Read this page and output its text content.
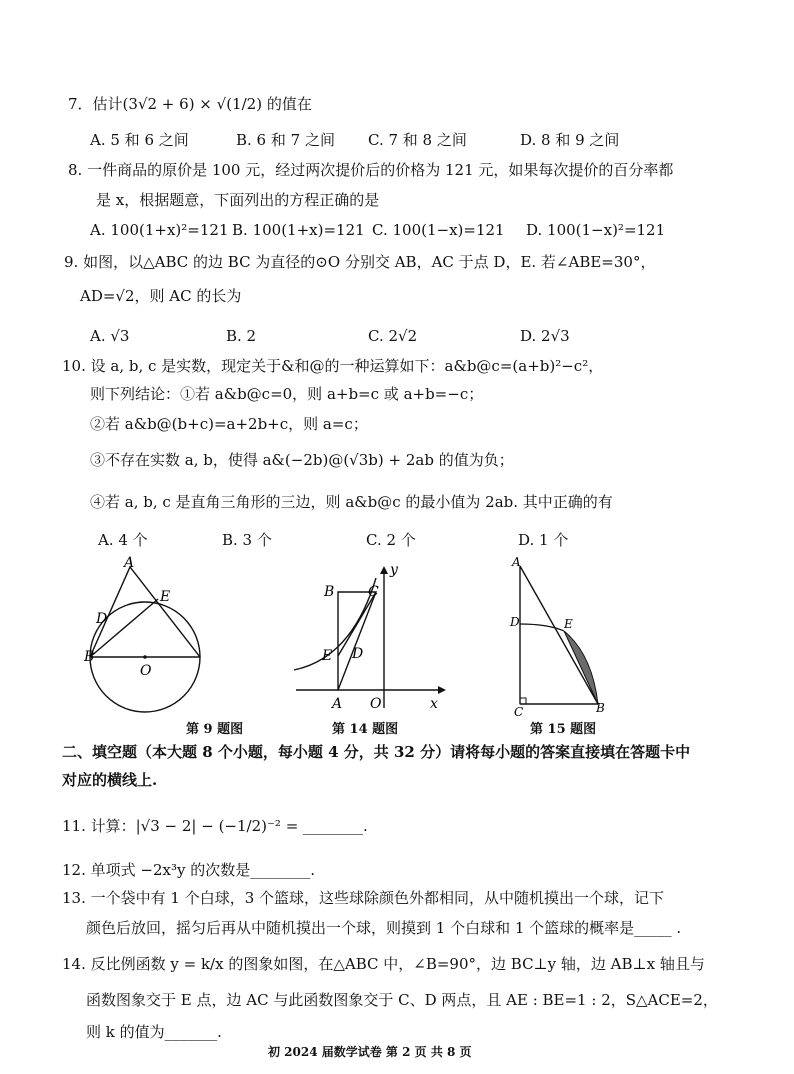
7．估计(3√2 + 6) × √(1/2) 的值在
A. 5 和 6 之间	B. 6 和 7 之间 C. 7 和 8 之间	D. 8 和 9 之间
8. 一件商品的原价是 100 元，经过两次提价后的价格为 121 元，如果每次提价的百分率都
是 x，根据题意，下面列出的方程正确的是
A. 100(1+x)²=121 B. 100(1+x)=121 C. 100(1−x)=121 D. 100(1−x)²=121
9. 如图，以△ABC 的边 BC 为直径的⊙O 分别交 AB，AC 于点 D，E. 若∠ABE=30°，
AD=√2，则 AC 的长为
A. √3	B. 2	C. 2√2	D. 2√3
10. 设 a, b, c 是实数，现定关于&和@的一种运算如下：a&b@c=(a+b)²−c²，
则下列结论：①若 a&b@c=0，则 a+b=c 或 a+b=−c；
②若 a&b@(b+c)=a+2b+c，则 a=c；
③不存在实数 a, b，使得 a&(−2b)@(√3b) + 2ab 的值为负；
④若 a, b, c 是直角三角形的三边，则 a&b@c 的最小值为 2ab. 其中正确的有
A. 4 个	B. 3 个	C. 2 个	D. 1 个
A
D
E
B
O
第 9 题图
y
B C
E D
A O	x
第 14 题图
A
D	E
C	B
第 15 题图
二、填空题（本大题 8 个小题，每小题 4 分，共 32 分）请将每小题的答案直接填在答题卡中
对应的横线上.
11. 计算：|√3 − 2| − (−1/2)⁻² = ________.
12. 单项式 −2x³y 的次数是________.
13. 一个袋中有 1 个白球，3 个篮球，这些球除颜色外都相同，从中随机摸出一个球，记下
颜色后放回，摇匀后再从中随机摸出一个球，则摸到 1 个白球和 1 个篮球的概率是_____ .
14. 反比例函数 y = k/x 的图象如图，在△ABC 中，∠B=90°，边 BC⊥y 轴，边 AB⊥x 轴且与
函数图象交于 E 点，边 AC 与此函数图象交于 C、D 两点，且 AE : BE=1 : 2，S△ACE=2，
则 k 的值为_______.
初 2024 届数学试卷 第 2 页 共 8 页
